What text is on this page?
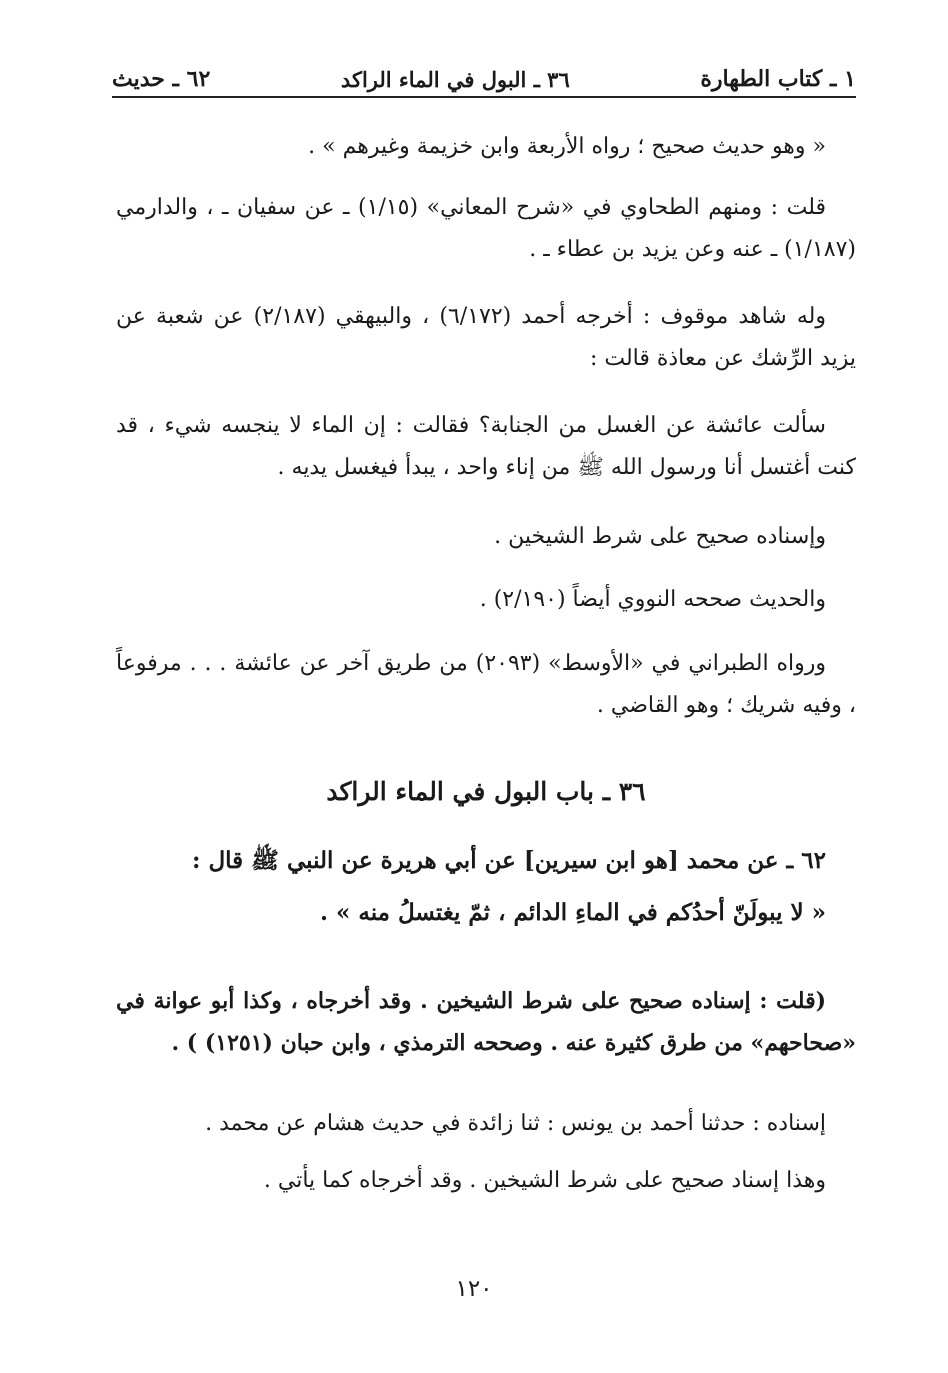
١ ـ كتاب الطهارة
٣٦ ـ البول في الماء الراكد
٦٢ ـ حديث

« وهو حديث صحيح ؛ رواه الأربعة وابن خزيمة وغيرهم » .

قلت : ومنهم الطحاوي في «شرح المعاني» (١/١٥) ـ عن سفيان ـ ، والدارمي (١/١٨٧) ـ عنه وعن يزيد بن عطاء ـ .

وله شاهد موقوف : أخرجه أحمد (٦/١٧٢) ، والبيهقي (٢/١٨٧) عن شعبة عن يزيد الرِّشك عن معاذة قالت :

سألت عائشة عن الغسل من الجنابة؟ فقالت : إن الماء لا ينجسه شيء ، قد كنت أغتسل أنا ورسول الله ﷺ من إناء واحد ، يبدأ فيغسل يديه .

وإسناده صحيح على شرط الشيخين .

والحديث صححه النووي أيضاً (٢/١٩٠) .

ورواه الطبراني في «الأوسط» (٢٠٩٣) من طريق آخر عن عائشة . . . مرفوعاً ، وفيه شريك ؛ وهو القاضي .

٣٦ ـ باب البول في الماء الراكد

٦٢ ـ عن محمد [هو ابن سيرين] عن أبي هريرة عن النبي ﷺ قال :

« لا يبولَنّ أحدُكم في الماءِ الدائم ، ثمّ يغتسلُ منه » .

(قلت : إسناده صحيح على شرط الشيخين . وقد أخرجاه ، وكذا أبو عوانة في «صحاحهم» من طرق كثيرة عنه . وصححه الترمذي ، وابن حبان (١٢٥١) ) .

إسناده : حدثنا أحمد بن يونس : ثنا زائدة في حديث هشام عن محمد .

وهذا إسناد صحيح على شرط الشيخين . وقد أخرجاه كما يأتي .

١٢٠
